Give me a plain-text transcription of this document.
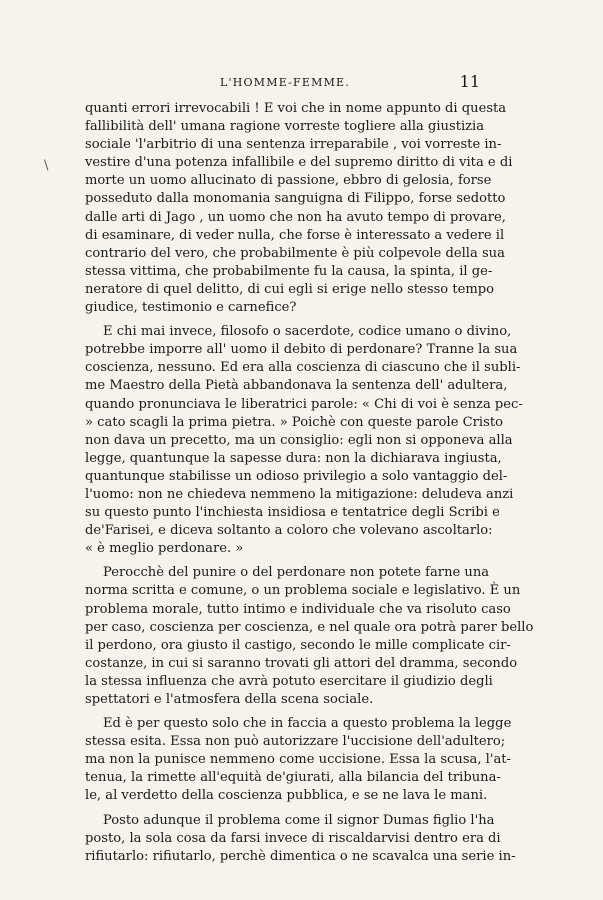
L'HOMME-FEMME.	11
\
quanti errori irrevocabili ! E voi che in nome appunto di questa
fallibilità dell' umana ragione vorreste togliere alla giustizia
sociale 'l'arbitrio di una sentenza irreparabile , voi vorreste in-
vestire d'una potenza infallibile e del supremo diritto di vita e di
morte un uomo allucinato di passione, ebbro di gelosia, forse
posseduto dalla monomania sanguigna di Filippo, forse sedotto
dalle arti di Jago , un uomo che non ha avuto tempo di provare,
di esaminare, di veder nulla, che forse è interessato a vedere il
contrario del vero, che probabilmente è più colpevole della sua
stessa vittima, che probabilmente fu la causa, la spinta, il ge-
neratore di quel delitto, di cui egli si erige nello stesso tempo
giudice, testimonio e carnefice?
E chi mai invece, filosofo o sacerdote, codice umano o divino,
potrebbe imporre all' uomo il debito di perdonare? Tranne la sua
coscienza, nessuno. Ed era alla coscienza di ciascuno che il subli-
me Maestro della Pietà abbandonava la sentenza dell' adultera,
quando pronunciava le liberatrici parole: « Chi di voi è senza pec-
» cato scagli la prima pietra. » Poichè con queste parole Cristo
non dava un precetto, ma un consiglio: egli non si opponeva alla
legge, quantunque la sapesse dura: non la dichiarava ingiusta,
quantunque stabilisse un odioso privilegio a solo vantaggio del-
l'uomo: non ne chiedeva nemmeno la mitigazione: deludeva anzi
su questo punto l'inchiesta insidiosa e tentatrice degli Scribi e
de'Farisei, e diceva soltanto a coloro che volevano ascoltarlo:
« è meglio perdonare. »
Perocchè del punire o del perdonare non potete farne una
norma scritta e comune, o un problema sociale e legislativo. È un
problema morale, tutto intimo e individuale che va risoluto caso
per caso, coscienza per coscienza, e nel quale ora potrà parer bello
il perdono, ora giusto il castigo, secondo le mille complicate cir-
costanze, in cui si saranno trovati gli attori del dramma, secondo
la stessa influenza che avrà potuto esercitare il giudizio degli
spettatori e l'atmosfera della scena sociale.
Ed è per questo solo che in faccia a questo problema la legge
stessa esita. Essa non può autorizzare l'uccisione dell'adultero;
ma non la punisce nemmeno come uccisione. Essa la scusa, l'at-
tenua, la rimette all'equità de'giurati, alla bilancia del tribuna-
le, al verdetto della coscienza pubblica, e se ne lava le mani.
Posto adunque il problema come il signor Dumas figlio l'ha
posto, la sola cosa da farsi invece di riscaldarvisi dentro era di
rifiutarlo: rifiutarlo, perchè dimentica o ne scavalca una serie in-
